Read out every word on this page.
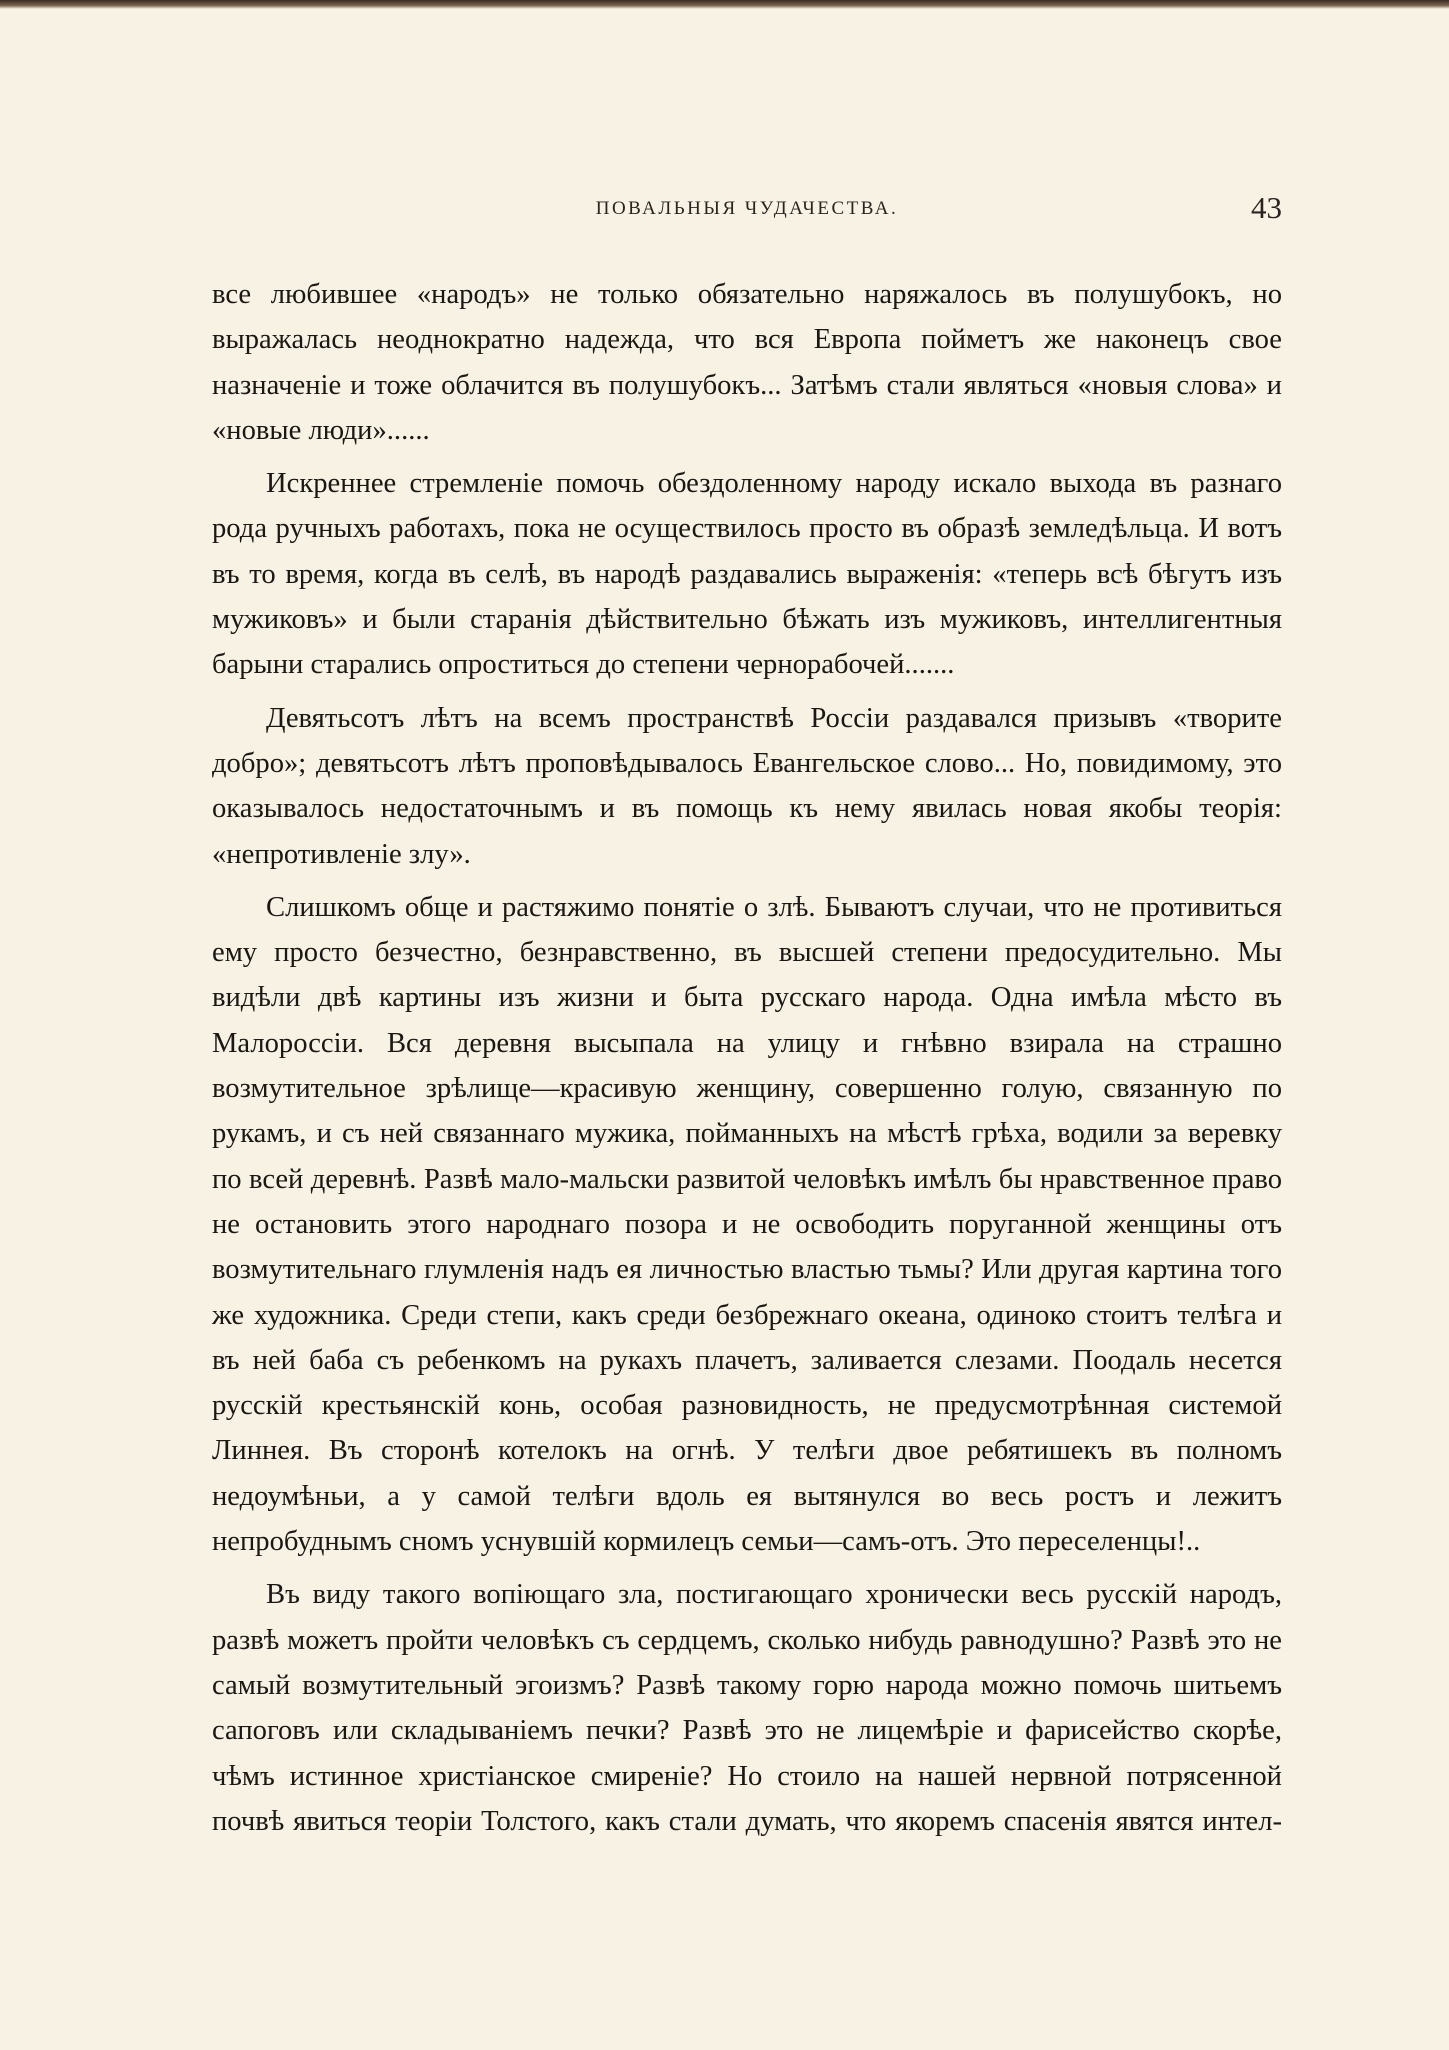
ПОВАЛЬНЫЯ ЧУДАЧЕСТВА.	43

все любившее «народъ» не только обязательно наряжалось въ полушубокъ, но выражалась неоднократно надежда, что вся Европа пойметъ же наконецъ свое назначенiе и тоже облачится въ полушубокъ... Затѣмъ стали являться «новыя слова» и «новые люди»......

Искреннее стремленiе помочь обездоленному народу искало выхода въ разнаго рода ручныхъ работахъ, пока не осуществилось просто въ образѣ земледѣльца. И вотъ въ то время, когда въ селѣ, въ народѣ раздавались выраженiя: «теперь всѣ бѣгутъ изъ мужиковъ» и были старанiя дѣйствительно бѣжать изъ мужиковъ, интеллигентныя барыни старались опроститься до степени чернорабочей.......

Девятьсотъ лѣтъ на всемъ пространствѣ Россiи раздавался призывъ «творите добро»; девятьсотъ лѣтъ проповѣдывалось Евангельское слово... Но, повидимому, это оказывалось недостаточнымъ и въ помощь къ нему явилась новая якобы теорiя: «непротивленiе злу».

Слишкомъ обще и растяжимо понятiе о злѣ. Бываютъ случаи, что не противиться ему просто безчестно, безнравственно, въ высшей степени предосудительно. Мы видѣли двѣ картины изъ жизни и быта русскаго народа. Одна имѣла мѣсто въ Малороссiи. Вся деревня высыпала на улицу и гнѣвно взирала на страшно возмутительное зрѣлище—красивую женщину, совершенно голую, связанную по рукамъ, и съ ней связаннаго мужика, пойманныхъ на мѣстѣ грѣха, водили за веревку по всей деревнѣ. Развѣ мало-мальски развитой человѣкъ имѣлъ бы нравственное право не остановить этого народнаго позора и не освободить поруганной женщины отъ возмутительнаго глумленiя надъ ея личностью властью тьмы? Или другая картина того же художника. Среди степи, какъ среди безбрежнаго океана, одиноко стоитъ телѣга и въ ней баба съ ребенкомъ на рукахъ плачетъ, заливается слезами. Поодаль несется русскiй крестьянскiй конь, особая разновидность, не предусмотрѣнная системой Линнея. Въ сторонѣ котелокъ на огнѣ. У телѣги двое ребятишекъ въ полномъ недоумѣньи, а у самой телѣги вдоль ея вытянулся во весь ростъ и лежитъ непробуднымъ сномъ уснувшiй кормилецъ семьи—самъ-отъ. Это переселенцы!..

Въ виду такого вопiющаго зла, постигающаго хронически весь русскiй народъ, развѣ можетъ пройти человѣкъ съ сердцемъ, сколько нибудь равнодушно? Развѣ это не самый возмутительный эгоизмъ? Развѣ такому горю народа можно помочь шитьемъ сапоговъ или складыванiемъ печки? Развѣ это не лицемѣрiе и фарисейство скорѣе, чѣмъ истинное христiанское смиренiе? Но стоило на нашей нервной потрясенной почвѣ явиться теорiи Толстого, какъ стали думать, что якоремъ спасенiя явятся интел-
